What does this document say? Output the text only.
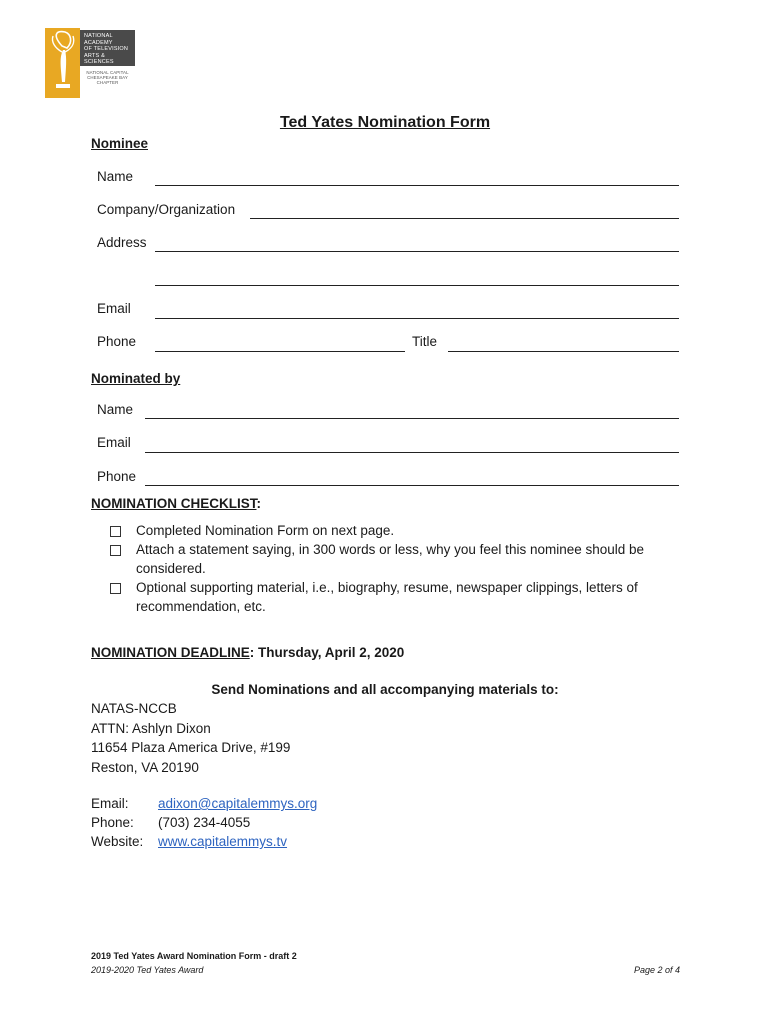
NATIONAL
ACADEMY
OF TELEVISION
ARTS & SCIENCES
NATIONAL CAPITAL
CHESAPEAKE BAY
CHAPTER
Ted Yates Nomination Form
Nominee
Name
Company/Organization
Address
Email
Phone	Title
Nominated by
Name
Email
Phone
NOMINATION CHECKLIST:
Completed Nomination Form on next page.
Attach a statement saying, in 300 words or less, why you feel this nominee should be considered.
Optional supporting material, i.e., biography, resume, newspaper clippings, letters of recommendation, etc.
NOMINATION DEADLINE: Thursday, April 2, 2020
Send Nominations and all accompanying materials to:
NATAS-NCCB
ATTN: Ashlyn Dixon
11654 Plaza America Drive, #199
Reston, VA 20190
Email: adixon@capitalemmys.org
Phone: (703) 234-4055
Website: www.capitalemmys.tv
2019 Ted Yates Award Nomination Form - draft 2
2019-2020 Ted Yates Award	Page 2 of 4
